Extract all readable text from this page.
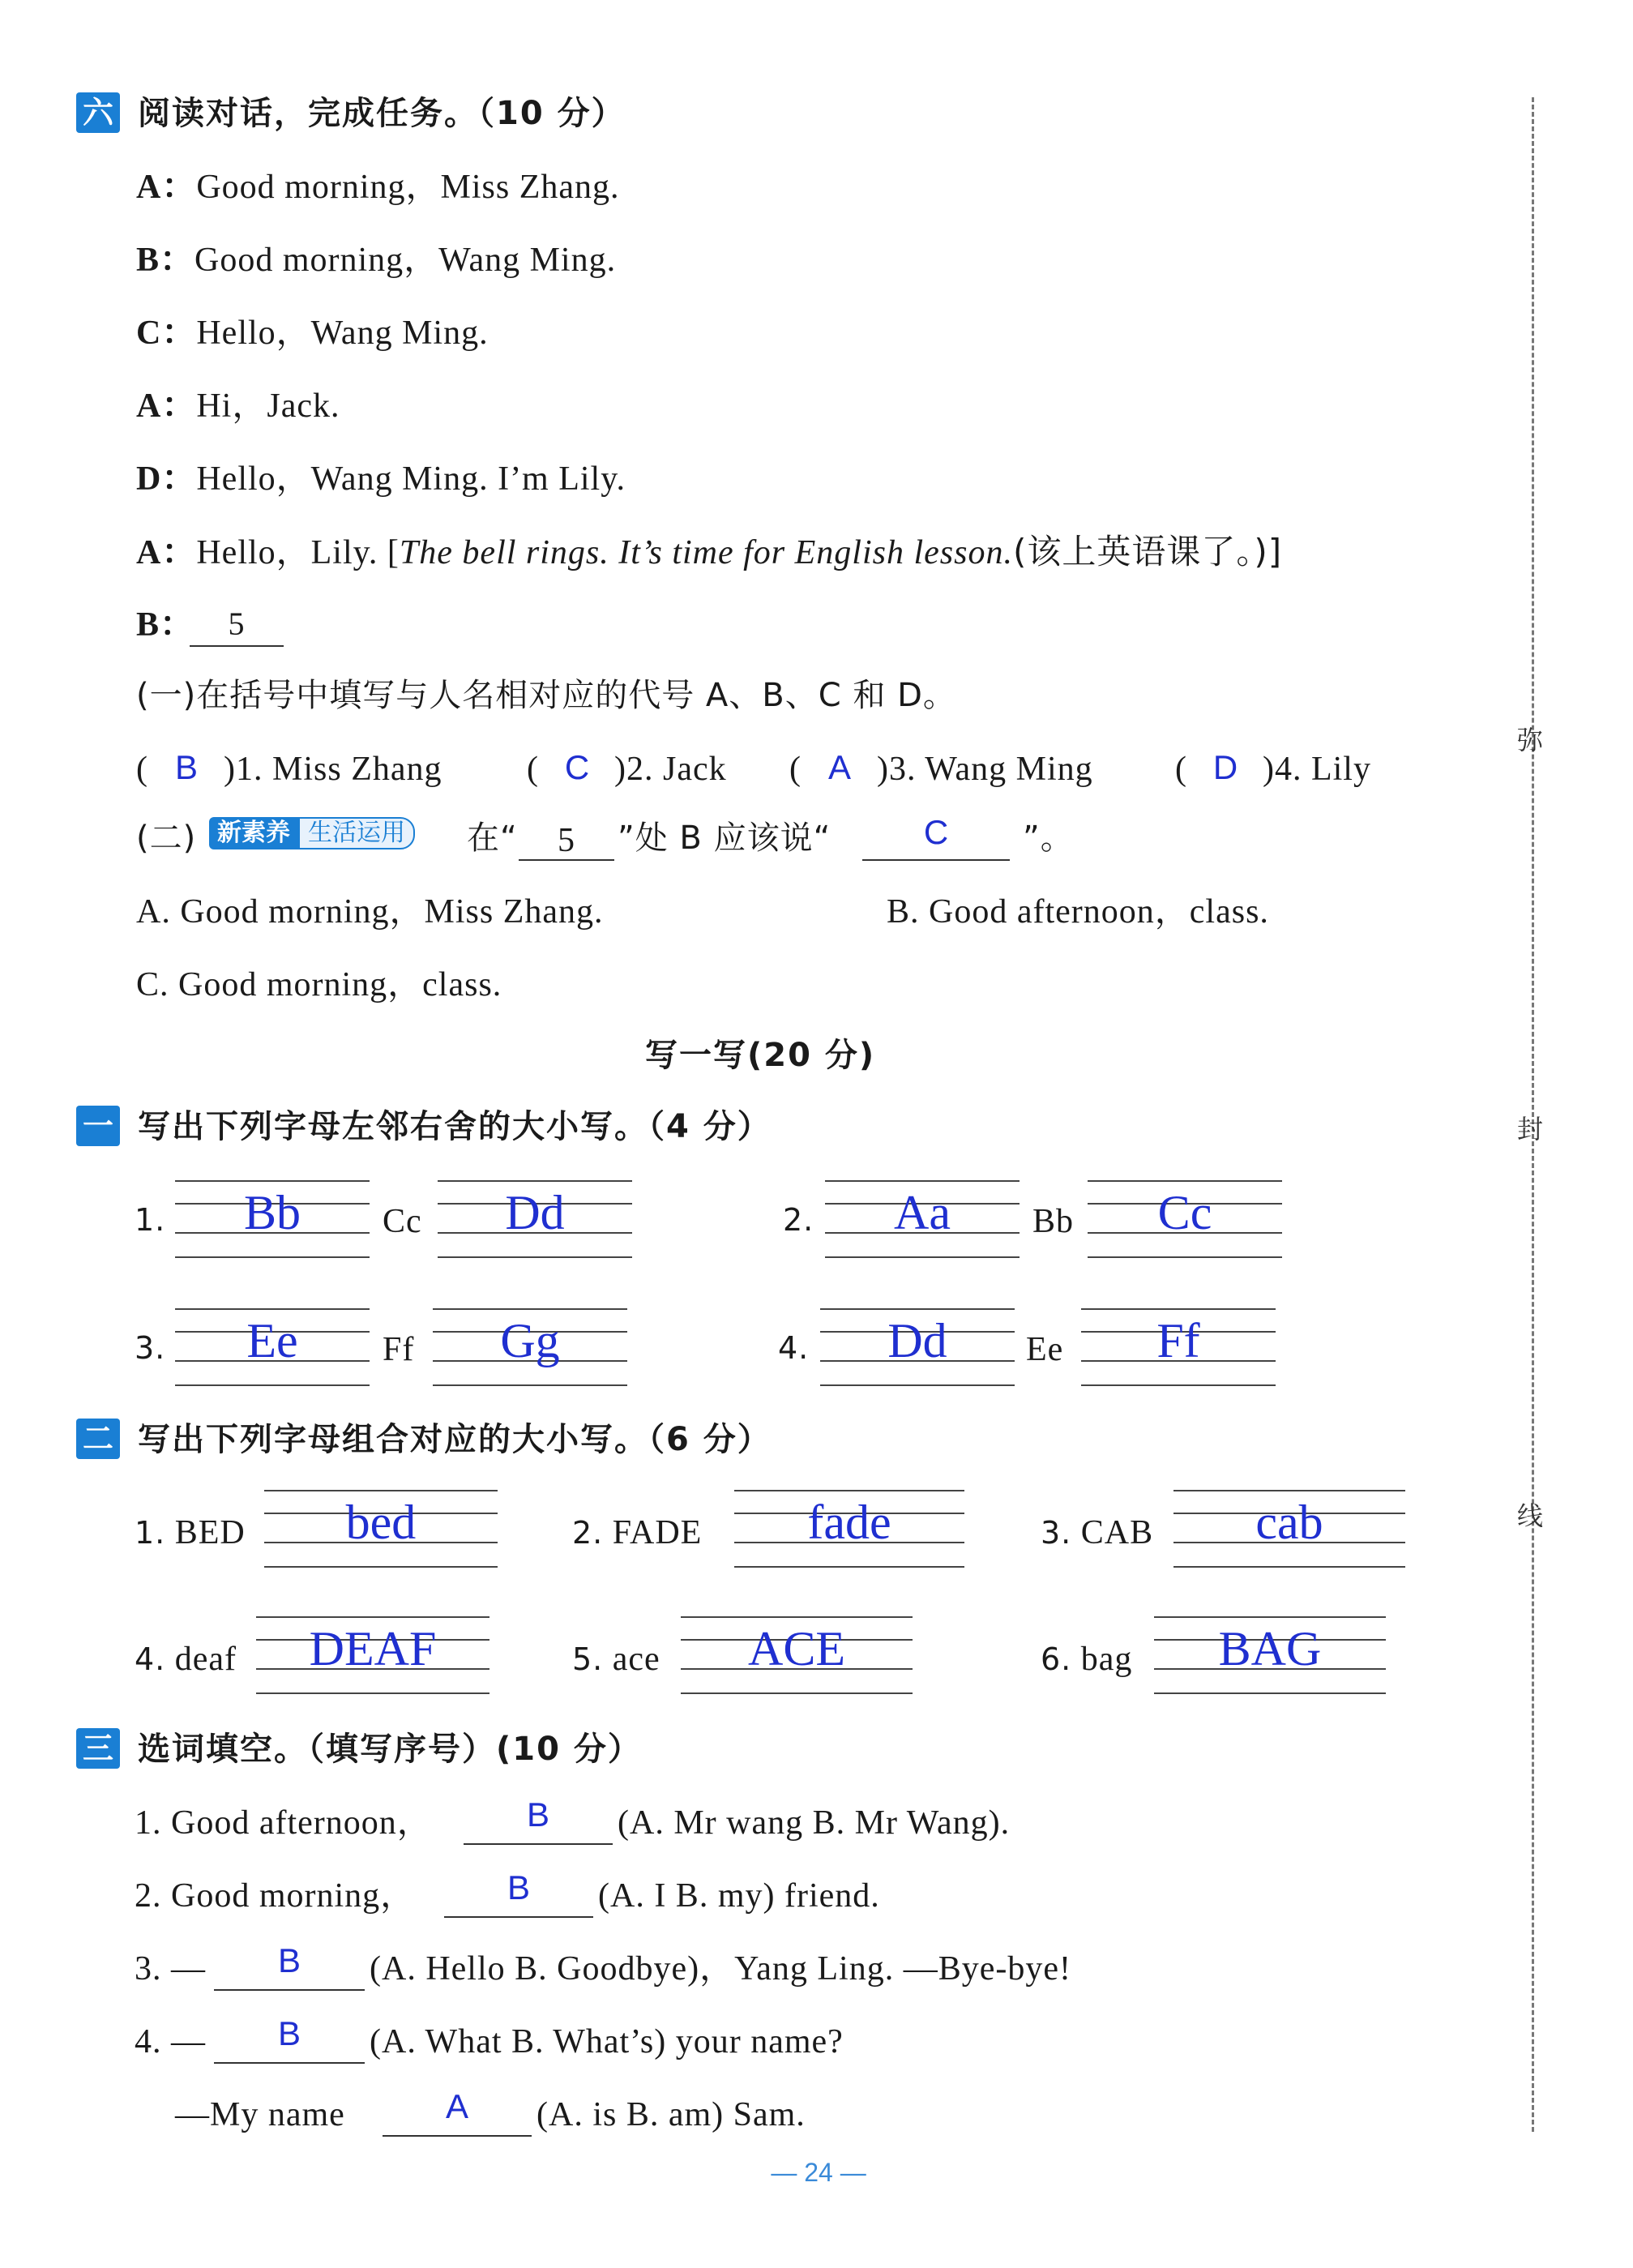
弥
封
线
六 阅读对话，完成任务。（10 分）
A：Good morning，Miss Zhang.
B：Good morning，Wang Ming.
C：Hello，Wang Ming.
A：Hi，Jack.
D：Hello，Wang Ming. I’m Lily.
A：Hello，Lily. [The bell rings. It’s time for English lesson.(该上英语课了。)]
B：	5
(一)在括号中填写与人名相对应的代号 A、B、C 和 D。
( B )1. Miss Zhang ( C )2. Jack ( A )3. Wang Ming ( D )4. Lily
(二) 新素养 生活运用	在“	5	”处 B 应该说“	C	”。
A. Good morning，Miss Zhang.	B. Good afternoon，class.
C. Good morning，class.
写一写(20 分)
一 写出下列字母左邻右舍的大小写。（4 分）
1.	Bb	Cc	Dd	2.	Aa	Bb	Cc
3.	Ee	Ff	Gg	4.	Dd	Ee	Ff
二 写出下列字母组合对应的大小写。（6 分）
1. BED	bed	2. FADE	fade	3. CAB	cab
4. deaf	DEAF	5. ace	ACE	6. bag	BAG
三 选词填空。（填写序号）(10 分）
1. Good afternoon，	B	(A. Mr wang B. Mr Wang).
2. Good morning，	B	(A. I B. my) friend.
3. —	B	(A. Hello B. Goodbye)，Yang Ling. —Bye-bye!
4. —	B	(A. What B. What’s) your name?
—My name	A	(A. is B. am) Sam.
— 24 —
